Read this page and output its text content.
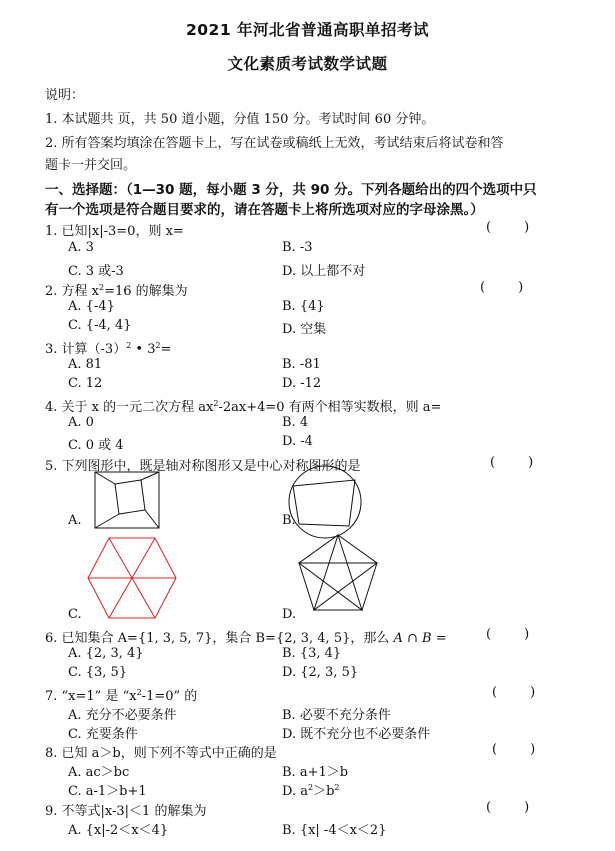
2021 年河北省普通高职单招考试
文化素质考试数学试题
说明：
1. 本试题共 页，共 50 道小题，分值 150 分。考试时间 60 分钟。
2. 所有答案均填涂在答题卡上，写在试卷或稿纸上无效，考试结束后将试卷和答
题卡一并交回。
一、选择题：（1—30 题，每小题 3 分，共 90 分。下列各题给出的四个选项中只
有一个选项是符合题目要求的，请在答题卡上将所选项对应的字母涂黑。）
1. 已知|x|-3=0，则 x=	(        )
A. 3	B. -3
C. 3 或-3	D. 以上都不对
2. 方程 $x^2=16$ 的解集为	(        )
A. {-4}	B. {4}
C. {-4, 4}	D. 空集
3. 计算$(-3)^2$ • $3^2=$
A. 81	B. -81
C. 12	D. -12
4. 关于 x 的一元二次方程 $ax^2-2ax+4=0$ 有两个相等实数根，则 a=
A. 0	B. 4
C. 0 或 4	D. -4
5. 下列图形中，既是轴对称图形又是中心对称图形的是	(        )
A.	B.
C.	D.
6. 已知集合 A={1, 3, 5, 7}，集合 B={2, 3, 4, 5}，那么 A ∩ B =	(        )
A. {2, 3, 4}	B. {3, 4}
C. {3, 5}	D. {2, 3, 5}
7. “x=1” 是 “$x^2-1=0$” 的	(        )
A. 充分不必要条件	B. 必要不充分条件
C. 充要条件	D. 既不充分也不必要条件
8. 已知 a＞b，则下列不等式中正确的是	(        )
A. ac＞bc	B. a+1＞b
C. a-1＞b+1	D. $a^2>b^2$
9. 不等式|x-3|＜1 的解集为	(        )
A. {x|-2＜x＜4}	B. {x| -4＜x＜2}
